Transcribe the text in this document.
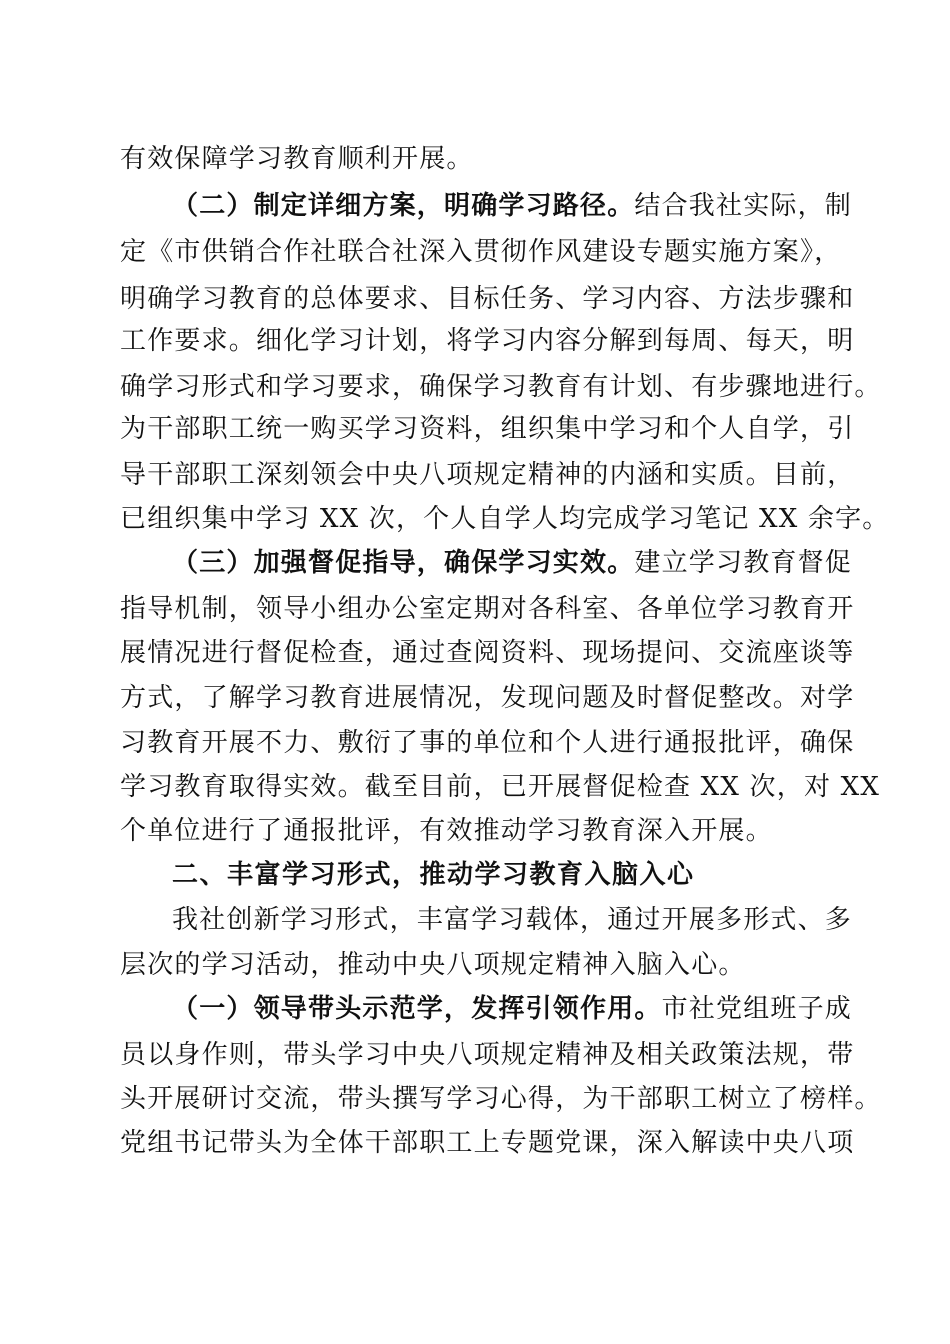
有效保障学习教育顺利开展。
（二）制定详细方案，明确学习路径。结合我社实际，制
定《市供销合作社联合社深入贯彻作风建设专题实施方案》，
明确学习教育的总体要求、目标任务、学习内容、方法步骤和
工作要求。细化学习计划，将学习内容分解到每周、每天，明
确学习形式和学习要求，确保学习教育有计划、有步骤地进行。
为干部职工统一购买学习资料，组织集中学习和个人自学，引
导干部职工深刻领会中央八项规定精神的内涵和实质。目前，
已组织集中学习 XX 次，个人自学人均完成学习笔记 XX 余字。
（三）加强督促指导，确保学习实效。建立学习教育督促
指导机制，领导小组办公室定期对各科室、各单位学习教育开
展情况进行督促检查，通过查阅资料、现场提问、交流座谈等
方式，了解学习教育进展情况，发现问题及时督促整改。对学
习教育开展不力、敷衍了事的单位和个人进行通报批评，确保
学习教育取得实效。截至目前，已开展督促检查 XX 次，对 XX
个单位进行了通报批评，有效推动学习教育深入开展。
二、丰富学习形式，推动学习教育入脑入心
我社创新学习形式，丰富学习载体，通过开展多形式、多
层次的学习活动，推动中央八项规定精神入脑入心。
（一）领导带头示范学，发挥引领作用。市社党组班子成
员以身作则，带头学习中央八项规定精神及相关政策法规，带
头开展研讨交流，带头撰写学习心得，为干部职工树立了榜样。
党组书记带头为全体干部职工上专题党课，深入解读中央八项
